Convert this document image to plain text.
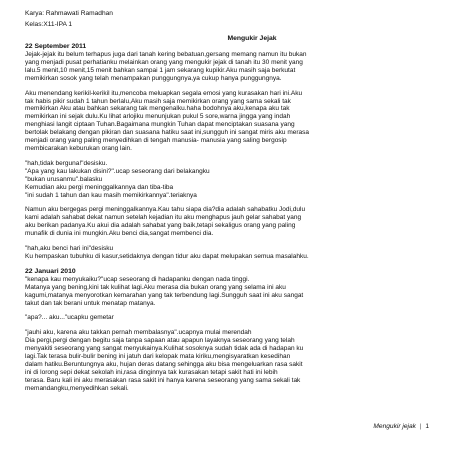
Karya: Rahmawati Ramadhan
Kelas:X11-IPA 1
Mengukir Jejak
22 September 2011
Jejak-jejak itu belum terhapus juga dari tanah kering bebatuan,gersang memang namun itu bukan
yang menjadi pusat perhatianku melainkan orang yang mengukir jejak di tanah itu 30 menit yang
lalu.5 menit,10 menit,15 menit bahkan sampai 1 jam sekarang kupikir.Aku masih saja berkutat
memikirkan sosok yang telah menampakan punggungnya,ya cukup hanya punggungnya.
Aku menendang kerikil-kerikil itu,mencoba meluapkan segala emosi yang kurasakan hari ini.Aku
tak habis pikir sudah 1 tahun berlalu,Aku masih saja memikirkan orang yang sama sekali tak
memikirkan Aku atau bahkan sekarang tak mengenalku.haha bodohnya aku,kenapa aku tak
memikirkan ini sejak dulu.Ku lihat arlojiku menunjukan pukul 5 sore,warna jingga yang indah
menghiasi langit ciptaan Tuhan.Bagaimana mungkin Tuhan dapat menciptakan suasana yang
bertolak belakang dengan pikiran dan suasana hatiku saat ini,sungguh ini sangat miris aku merasa
menjadi orang yang paling menyedihkan di tengah manusia- manusia yang saling bergosip
membicarakan keburukan orang lain.
"hah,tidak berguna!"desisku.
"Apa yang kau lakukan disini?".ucap seseorang dari belakangku
"bukan urusanmu".balasku
Kemudian aku pergi meninggalkannya dan tiba-tiba
"ini sudah 1 tahun dan kau masih memikirkannya".teriaknya
Namun aku bergegas pergi meninggalkannya.Kau tahu siapa dia?dia adalah sahabatku Jodi,dulu
kami adalah sahabat dekat namun setelah kejadian itu aku menghapus jauh gelar sahabat yang
aku berikan padanya.Ku akui dia adalah sahabat yang baik,tetapi sekaligus orang yang paling
munafik di dunia ini mungkin.Aku benci dia,sangat membenci dia.
"hah,aku benci hari ini"desisku
Ku hempaskan tubuhku di kasur,setidaknya dengan tidur aku dapat melupakan semua masalahku.
22 Januari 2010
"kenapa kau menyukaiku?"ucap seseorang di hadapanku dengan nada tinggi.
Matanya yang bening,kini tak kulihat lagi.Aku merasa dia bukan orang yang selama ini aku
kagumi,matanya menyorotkan kemarahan yang tak terbendung lagi.Sungguh saat ini aku sangat
takut dan tak berani untuk menatap matanya.
"apa?... aku..."ucapku gemetar
"jauhi aku, karena aku takkan pernah membalasnya".ucapnya mulai merendah
Dia pergi,pergi dengan begitu saja tanpa sapaan atau apapun layaknya seseorang yang telah
menyakiti seseorang yang sangat menyukainya.Kulihat sosoknya sudah tidak ada di hadapan ku
lagi.Tak terasa bulir-bulir bening ini jatuh dari kelopak mata kiriku,mengisyaratkan kesedihan
dalam hatiku.Beruntungnya aku, hujan deras datang sehingga aku bisa mengeluarkan rasa sakit
ini di lorong sepi dekat sekolah ini,rasa dinginnya tak kurasakan tetapi sakit hati ini lebih
terasa. Baru kali ini aku merasakan rasa sakit ini hanya karena seseorang yang sama sekali tak
memandangku,menyedihkan sekali.
Mengukir jejak | 1
